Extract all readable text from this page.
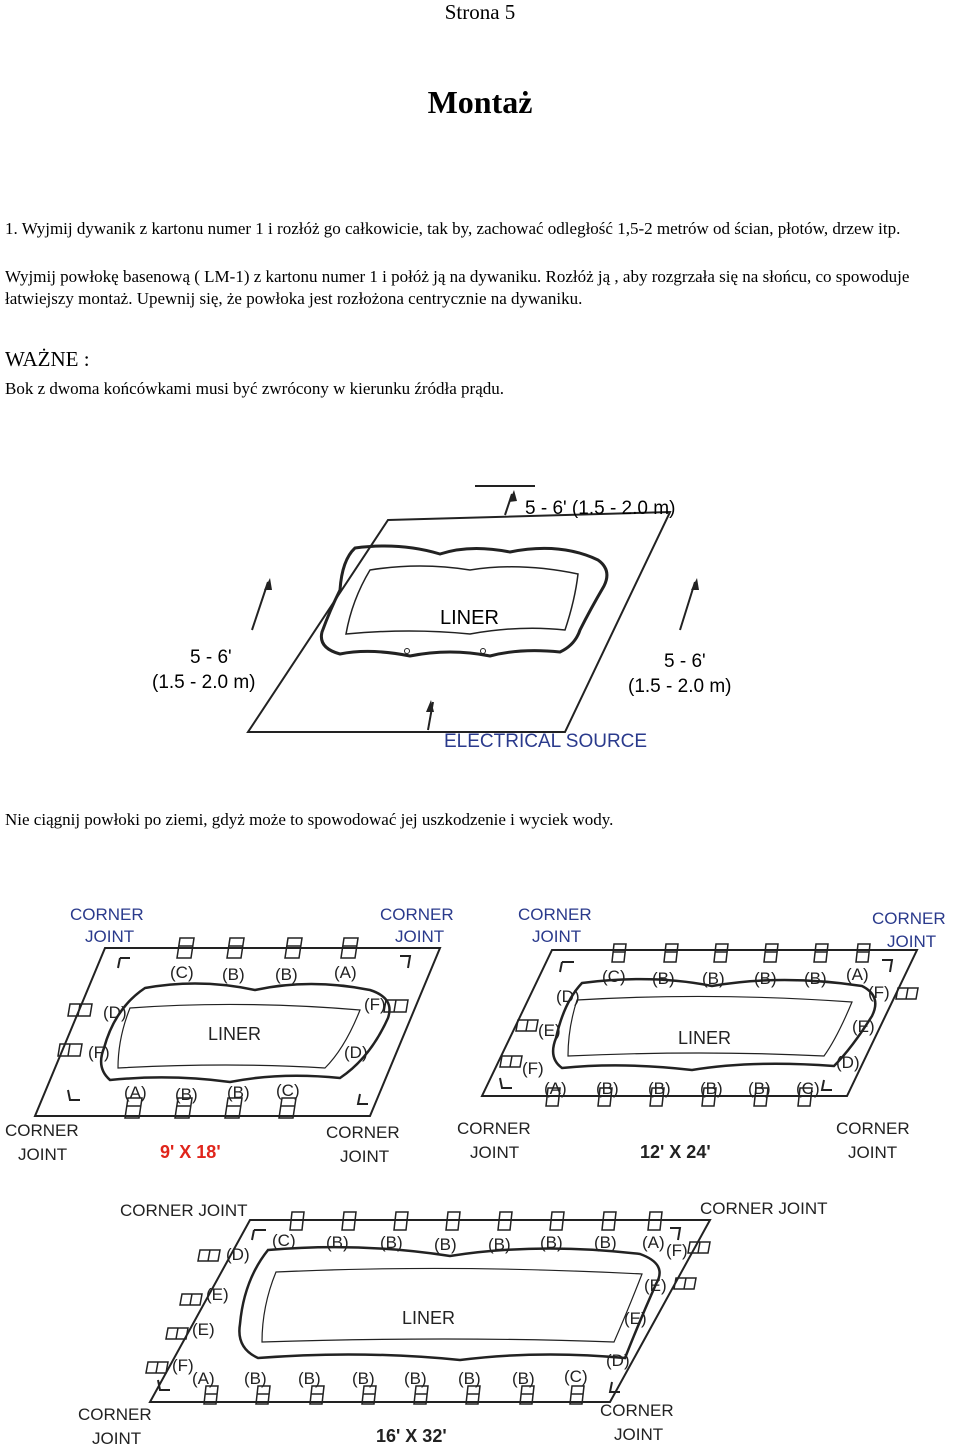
Strona 5
Montaż
1. Wyjmij dywanik z kartonu numer 1 i rozłóż go całkowicie, tak by, zachować odległość 1,5-2 metrów od ścian, płotów, drzew itp.
Wyjmij powłokę basenową ( LM-1) z kartonu numer 1 i połóż ją na dywaniku. Rozłóż ją , aby rozgrzała się na słońcu, co spowoduje łatwiejszy montaż. Upewnij się, że powłoka jest rozłożona centrycznie na dywaniku.
WAŻNE :
Bok z dwoma końcówkami musi być zwrócony w kierunku źródła prądu.
5 - 6' (1.5 - 2.0 m)
5 - 6'
(1.5 - 2.0 m)
5 - 6'
(1.5 - 2.0 m)
LINER
ELECTRICAL SOURCE
Nie ciągnij powłoki po ziemi, gdyż może to spowodować jej uszkodzenie i wyciek wody.
CORNER
JOINT
CORNER
JOINT
CORNER
JOINT
CORNER
JOINT
(C) (B) (B) (A)
(A) (B) (B) (C)
(D)
(F)
(F)
(D)
LINER
9' X 18'
CORNER
JOINT
CORNER
JOINT
CORNER
JOINT
CORNER
JOINT
(C) (B) (B) (B) (B) (A)
(A) (B) (B) (B) (B) (C)
(D)
(E)
(F)
(F)
(E)
(D)
LINER
12' X 24'
CORNER JOINT	CORNER JOINT
CORNER
JOINT
CORNER
JOINT
(C) (B) (B) (B) (B) (B) (B) (A)
(A) (B) (B) (B) (B) (B) (B) (C)
(D)
(E)
(E)
(F)
(F)
(E)
(E)
(D)
LINER
16' X 32'
